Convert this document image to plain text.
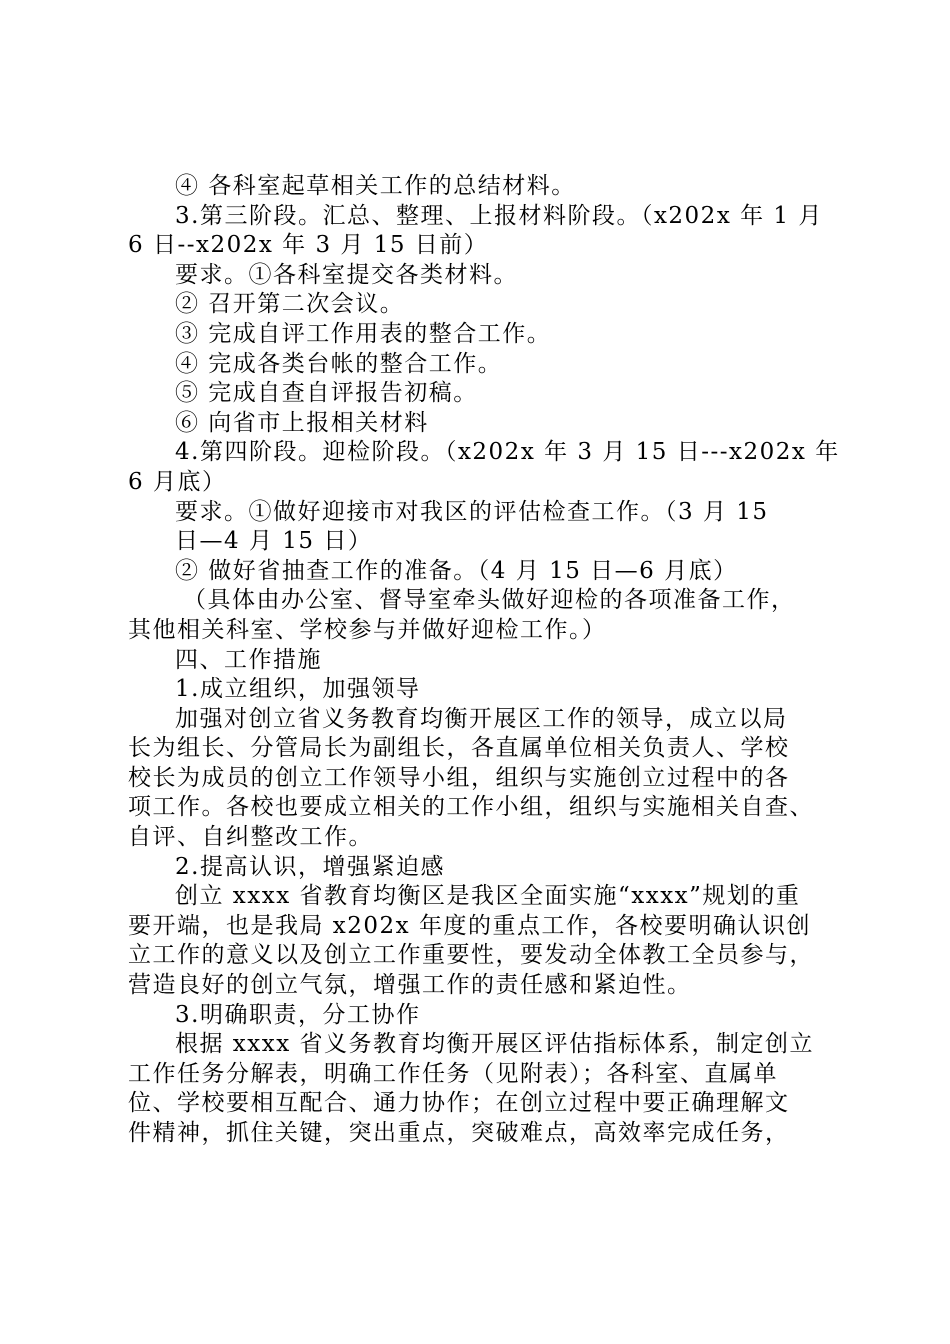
④ 各科室起草相关工作的总结材料。
3.第三阶段。汇总、整理、上报材料阶段。（x202x 年 1 月
6 日--x202x 年 3 月 15 日前）
要求。①各科室提交各类材料。
② 召开第二次会议。
③ 完成自评工作用表的整合工作。
④ 完成各类台帐的整合工作。
⑤ 完成自查自评报告初稿。
⑥ 向省市上报相关材料
4.第四阶段。迎检阶段。（x202x 年 3 月 15 日---x202x 年
6 月底）
要求。①做好迎接市对我区的评估检查工作。（3 月 15
日—4 月 15 日）
② 做好省抽查工作的准备。（4 月 15 日—6 月底）
（具体由办公室、督导室牵头做好迎检的各项准备工作，
其他相关科室、学校参与并做好迎检工作。）
四、工作措施
1.成立组织，加强领导
加强对创立省义务教育均衡开展区工作的领导，成立以局
长为组长、分管局长为副组长，各直属单位相关负责人、学校
校长为成员的创立工作领导小组，组织与实施创立过程中的各
项工作。各校也要成立相关的工作小组，组织与实施相关自查、
自评、自纠整改工作。
2.提高认识，增强紧迫感
创立 xxxx 省教育均衡区是我区全面实施“xxxx”规划的重
要开端，也是我局 x202x 年度的重点工作，各校要明确认识创
立工作的意义以及创立工作重要性，要发动全体教工全员参与，
营造良好的创立气氛，增强工作的责任感和紧迫性。
3.明确职责，分工协作
根据 xxxx 省义务教育均衡开展区评估指标体系，制定创立
工作任务分解表，明确工作任务（见附表）；各科室、直属单
位、学校要相互配合、通力协作；在创立过程中要正确理解文
件精神，抓住关键，突出重点，突破难点，高效率完成任务，
